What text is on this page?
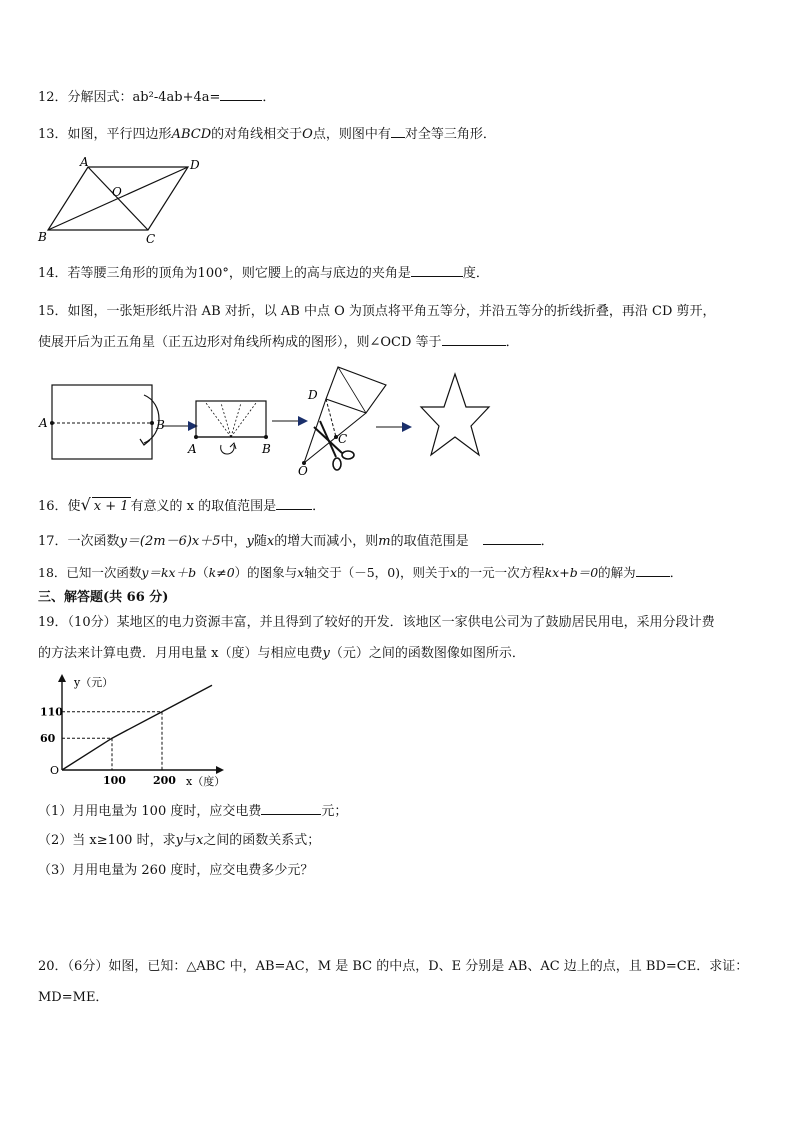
12．分解因式：ab²-4ab+4a=	．
13．如图，平行四边形ABCD的对角线相交于O点，则图中有 对全等三角形．
A	D
B	C
O
14．若等腰三角形的顶角为100°，则它腰上的高与底边的夹角是	度．
15．如图，一张矩形纸片沿 AB 对折，以 AB 中点 O 为顶点将平角五等分，并沿五等分的折线折叠，再沿 CD 剪开，
使展开后为正五角星（正五边形对角线所构成的图形），则∠OCD 等于	．
A	B
A	B
D
C
O
16．使√ x + 1 有意义的 x 的取值范围是	．
17．一次函数y＝(2m－6)x＋5中，y随x的增大而减小，则m的取值范围是	．
18．已知一次函数y＝kx＋b（k≠0）的图象与x轴交于（－5，0)，则关于x的一元一次方程kx+b＝0的解为	．
三、解答题(共 66 分)
19．（10分）某地区的电力资源丰富，并且得到了较好的开发．该地区一家供电公司为了鼓励居民用电，采用分段计费
的方法来计算电费．月用电量 x（度）与相应电费y（元）之间的函数图像如图所示．
y（元）
x（度）
O
100 200
60
110
（1）月用电量为 100 度时，应交电费	元；
（2）当 x≥100 时，求y与x之间的函数关系式；
（3）月用电量为 260 度时，应交电费多少元？
20．（6分）如图，已知：△ABC 中，AB=AC，M 是 BC 的中点，D、E 分别是 AB、AC 边上的点，且 BD=CE．求证：
MD=ME．
